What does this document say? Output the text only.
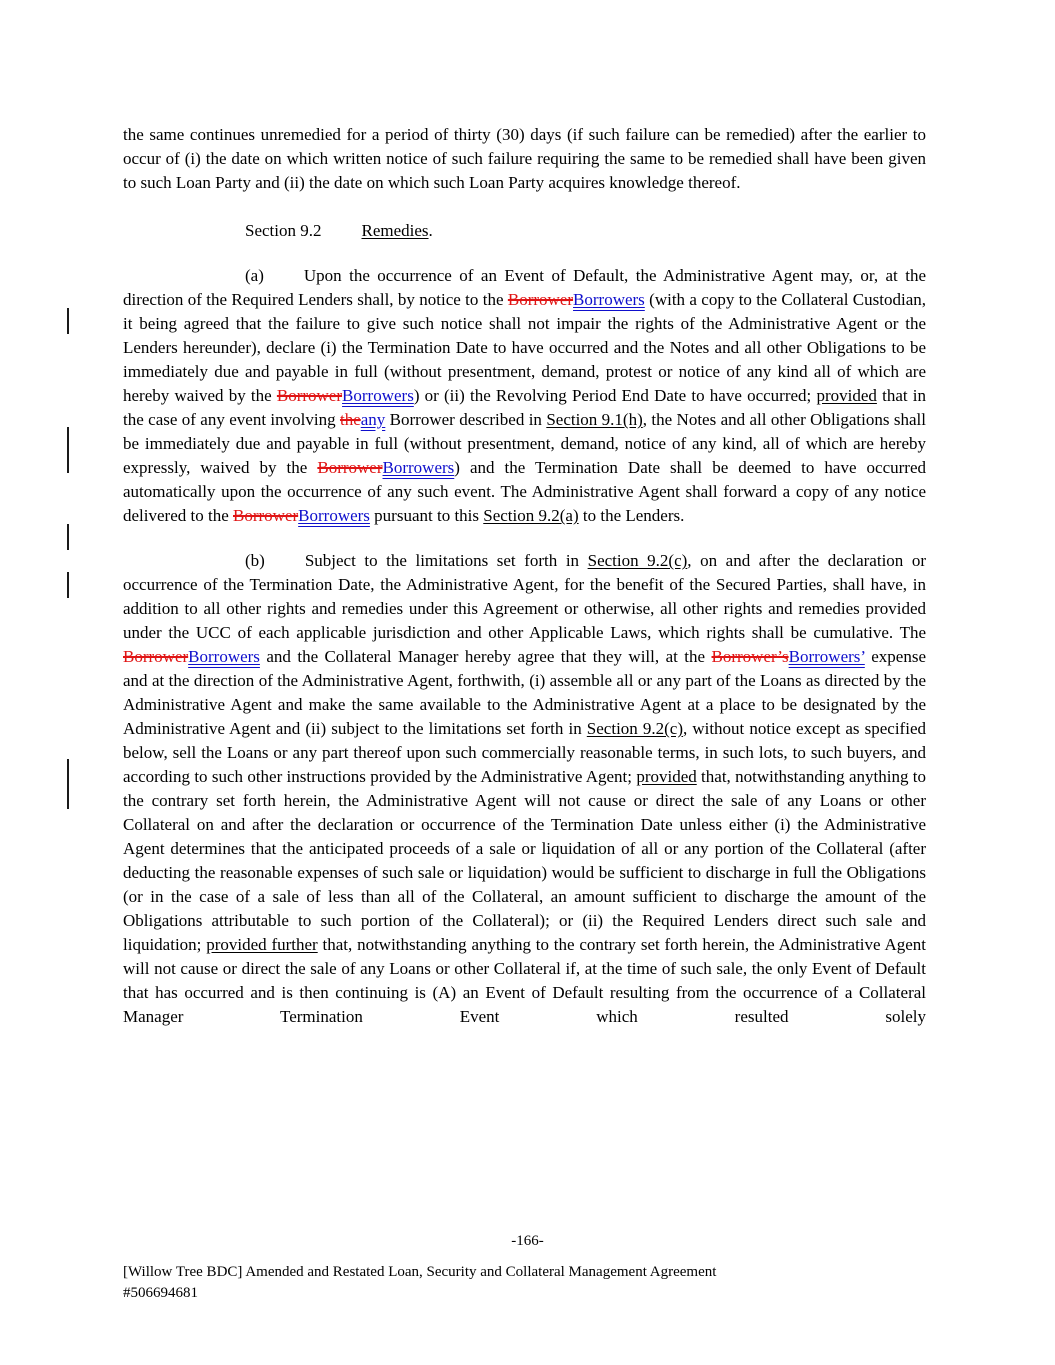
the same continues unremedied for a period of thirty (30) days (if such failure can be remedied) after the earlier to occur of (i) the date on which written notice of such failure requiring the same to be remedied shall have been given to such Loan Party and (ii) the date on which such Loan Party acquires knowledge thereof.

Section 9.2 Remedies.

(a) Upon the occurrence of an Event of Default, the Administrative Agent may, or, at the direction of the Required Lenders shall, by notice to the BorrowerBorrowers (with a copy to the Collateral Custodian, it being agreed that the failure to give such notice shall not impair the rights of the Administrative Agent or the Lenders hereunder), declare (i) the Termination Date to have occurred and the Notes and all other Obligations to be immediately due and payable in full (without presentment, demand, protest or notice of any kind all of which are hereby waived by the BorrowerBorrowers) or (ii) the Revolving Period End Date to have occurred; provided that in the case of any event involving theany Borrower described in Section 9.1(h), the Notes and all other Obligations shall be immediately due and payable in full (without presentment, demand, notice of any kind, all of which are hereby expressly, waived by the BorrowerBorrowers) and the Termination Date shall be deemed to have occurred automatically upon the occurrence of any such event. The Administrative Agent shall forward a copy of any notice delivered to the BorrowerBorrowers pursuant to this Section 9.2(a) to the Lenders.

(b) Subject to the limitations set forth in Section 9.2(c), on and after the declaration or occurrence of the Termination Date, the Administrative Agent, for the benefit of the Secured Parties, shall have, in addition to all other rights and remedies under this Agreement or otherwise, all other rights and remedies provided under the UCC of each applicable jurisdiction and other Applicable Laws, which rights shall be cumulative. The BorrowerBorrowers and the Collateral Manager hereby agree that they will, at the Borrower’sBorrowers’ expense and at the direction of the Administrative Agent, forthwith, (i) assemble all or any part of the Loans as directed by the Administrative Agent and make the same available to the Administrative Agent at a place to be designated by the Administrative Agent and (ii) subject to the limitations set forth in Section 9.2(c), without notice except as specified below, sell the Loans or any part thereof upon such commercially reasonable terms, in such lots, to such buyers, and according to such other instructions provided by the Administrative Agent; provided that, notwithstanding anything to the contrary set forth herein, the Administrative Agent will not cause or direct the sale of any Loans or other Collateral on and after the declaration or occurrence of the Termination Date unless either (i) the Administrative Agent determines that the anticipated proceeds of a sale or liquidation of all or any portion of the Collateral (after deducting the reasonable expenses of such sale or liquidation) would be sufficient to discharge in full the Obligations (or in the case of a sale of less than all of the Collateral, an amount sufficient to discharge the amount of the Obligations attributable to such portion of the Collateral); or (ii) the Required Lenders direct such sale and liquidation; provided further that, notwithstanding anything to the contrary set forth herein, the Administrative Agent will not cause or direct the sale of any Loans or other Collateral if, at the time of such sale, the only Event of Default that has occurred and is then continuing is (A) an Event of Default resulting from the occurrence of a Collateral Manager Termination Event which resulted solely

-166-
[Willow Tree BDC] Amended and Restated Loan, Security and Collateral Management Agreement
#506694681
